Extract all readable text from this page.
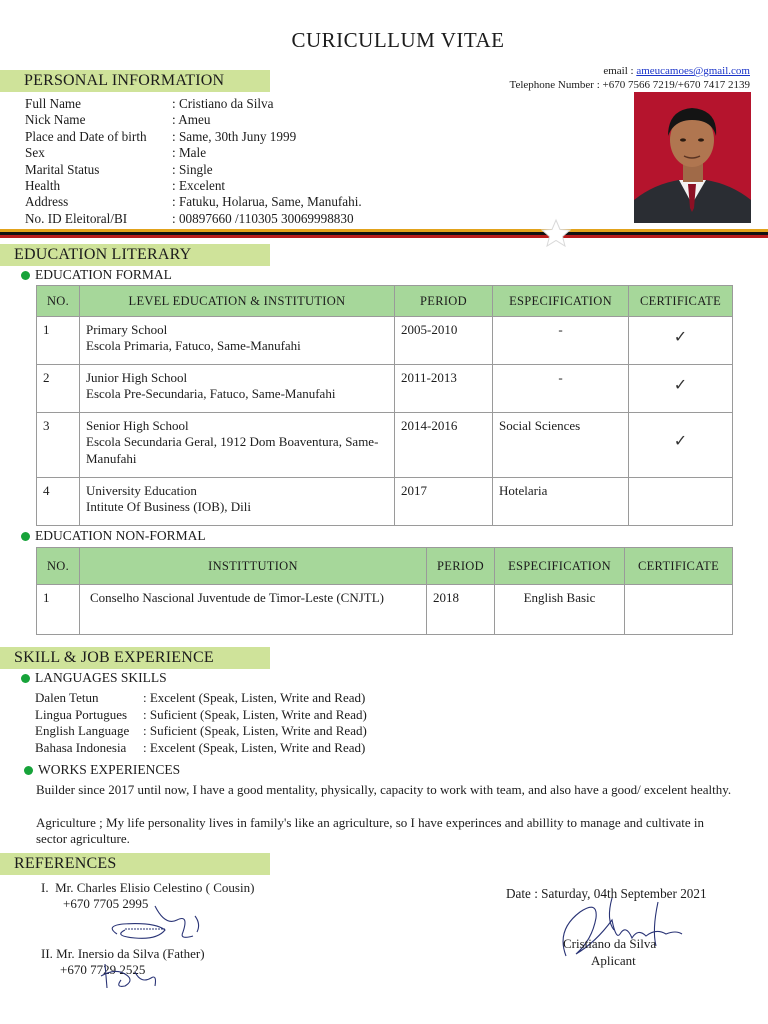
CURICULLUM VITAE
email : ameucamoes@gmail.com
Telephone Number : +670 7566 7219/+670 7417 2139
PERSONAL INFORMATION
Full Name	: Cristiano da Silva
Nick Name	: Ameu
Place and Date of birth	: Same, 30th Juny 1999
Sex	: Male
Marital Status	: Single
Health	: Excelent
Address	: Fatuku, Holarua, Same, Manufahi.
No. ID Eleitoral/BI	: 00897660 /110305 30069998830
EDUCATION LITERARY
EDUCATION FORMAL
NO.	LEVEL EDUCATION & INSTITUTION	PERIOD	ESPECIFICATION	CERTIFICATE

1	Primary School
Escola Primaria, Fatuco, Same-Manufahi	2005-2010	-	✓

2	Junior High School
Escola Pre-Secundaria, Fatuco, Same-Manufahi	2011-2013	-	✓

3	Senior High School
Escola Secundaria Geral, 1912 Dom Boaventura, Same-Manufahi	2014-2016	Social Sciences	✓

4	University Education
Intitute Of Business (IOB), Dili	2017	Hotelaria	

EDUCATION NON-FORMAL
NO.	INSTITTUTION	PERIOD	ESPECIFICATION	CERTIFICATE

1	Conselho Nascional Juventude de Timor-Leste (CNJTL)	2018	English Basic	

SKILL & JOB EXPERIENCE
LANGUAGES SKILLS
Dalen Tetun	: Excelent (Speak, Listen, Write and Read)
Lingua Portugues	: Suficient (Speak, Listen, Write and Read)
English Language	: Suficient (Speak, Listen, Write and Read)
Bahasa Indonesia	: Excelent (Speak, Listen, Write and Read)
WORKS EXPERIENCES
Builder since 2017 until now, I have a good mentality, physically, capacity to work with team, and also have a good/ excelent healthy.
Agriculture ; My life personality lives in family's like an agriculture, so I have experinces and abillity to manage and cultivate in sector agriculture.
REFERENCES
I. Mr. Charles Elisio Celestino ( Cousin)
+670 7705 2995
II. Mr. Inersio da Silva (Father)
+670 7729 2525
Date : Saturday, 04th September 2021
Cristiano da Silva
Aplicant
